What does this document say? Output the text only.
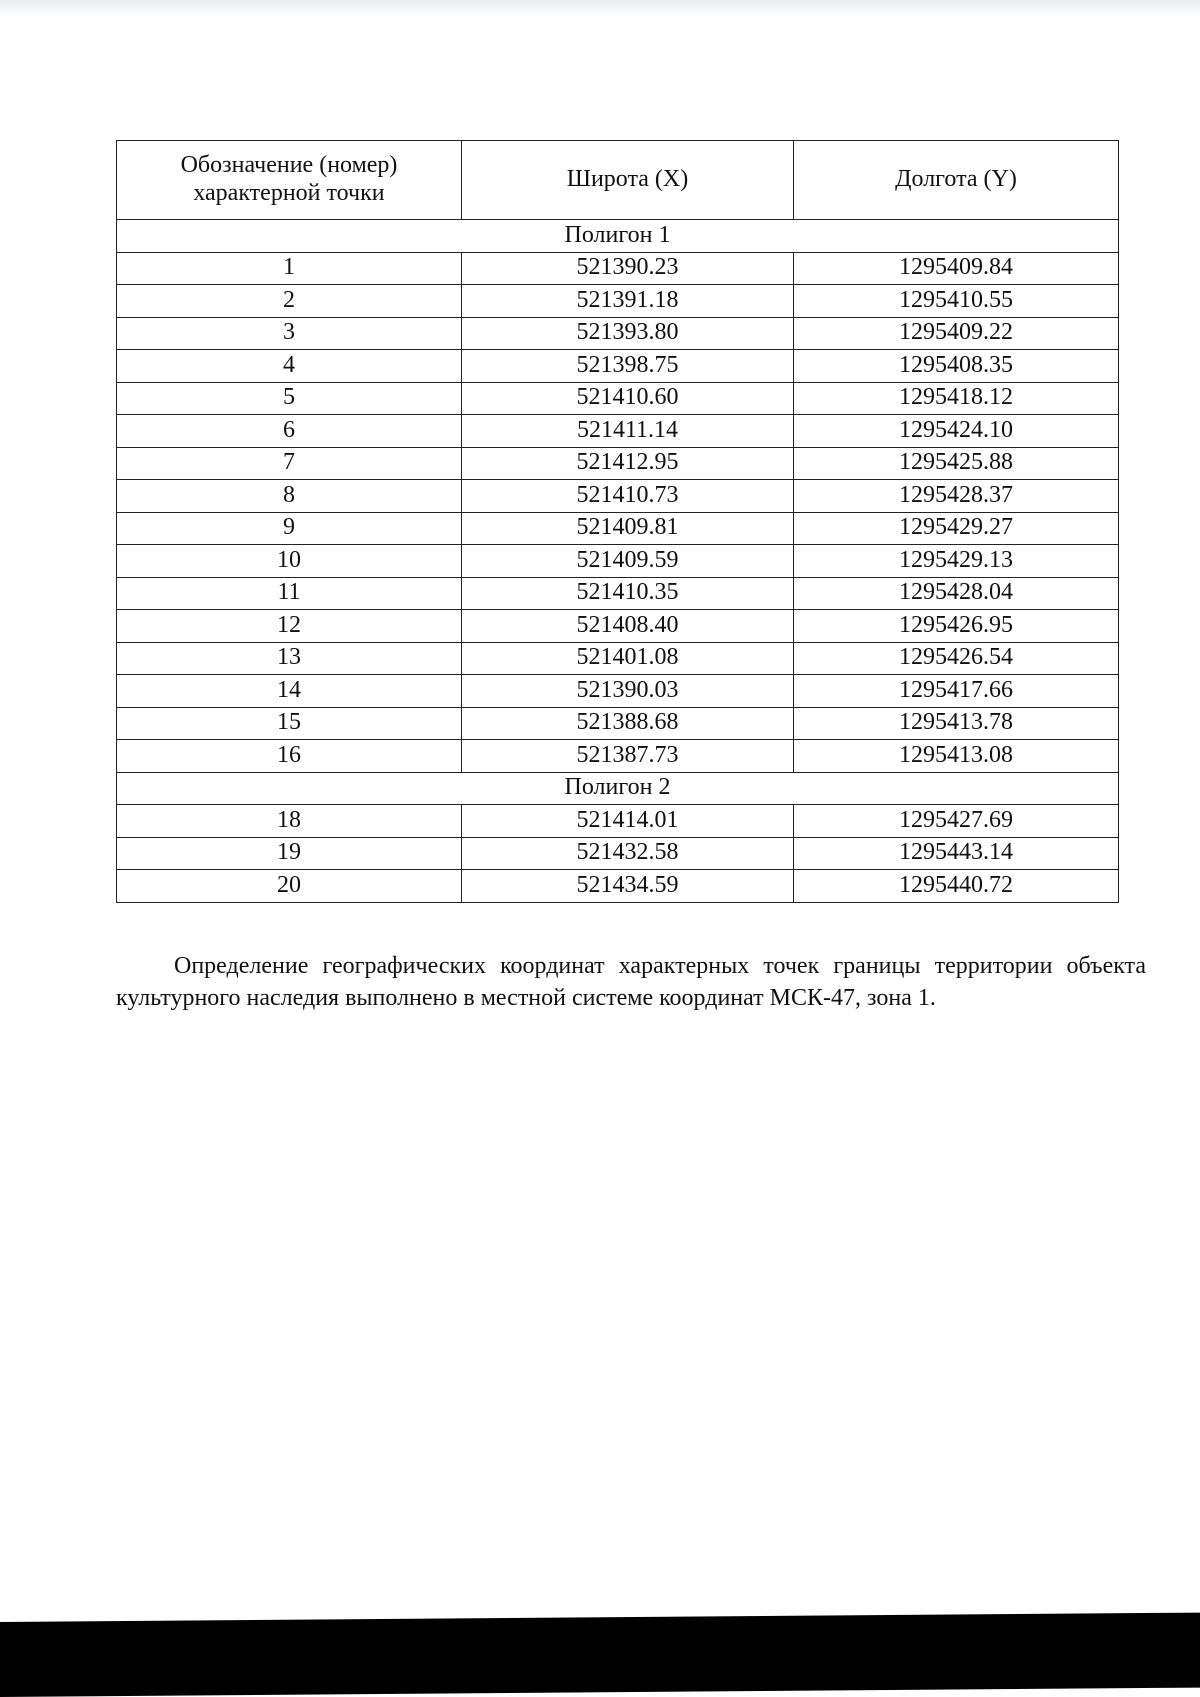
Обозначение (номер) характерной точки	Широта (X)	Долгота (Y)
Полигон 1		
1	521390.23	1295409.84
2	521391.18	1295410.55
3	521393.80	1295409.22
4	521398.75	1295408.35
5	521410.60	1295418.12
6	521411.14	1295424.10
7	521412.95	1295425.88
8	521410.73	1295428.37
9	521409.81	1295429.27
10	521409.59	1295429.13
11	521410.35	1295428.04
12	521408.40	1295426.95
13	521401.08	1295426.54
14	521390.03	1295417.66
15	521388.68	1295413.78
16	521387.73	1295413.08
Полигон 2		
18	521414.01	1295427.69
19	521432.58	1295443.14
20	521434.59	1295440.72

Определение географических координат характерных точек границы территории объекта культурного наследия выполнено в местной системе координат МСК-47, зона 1.
